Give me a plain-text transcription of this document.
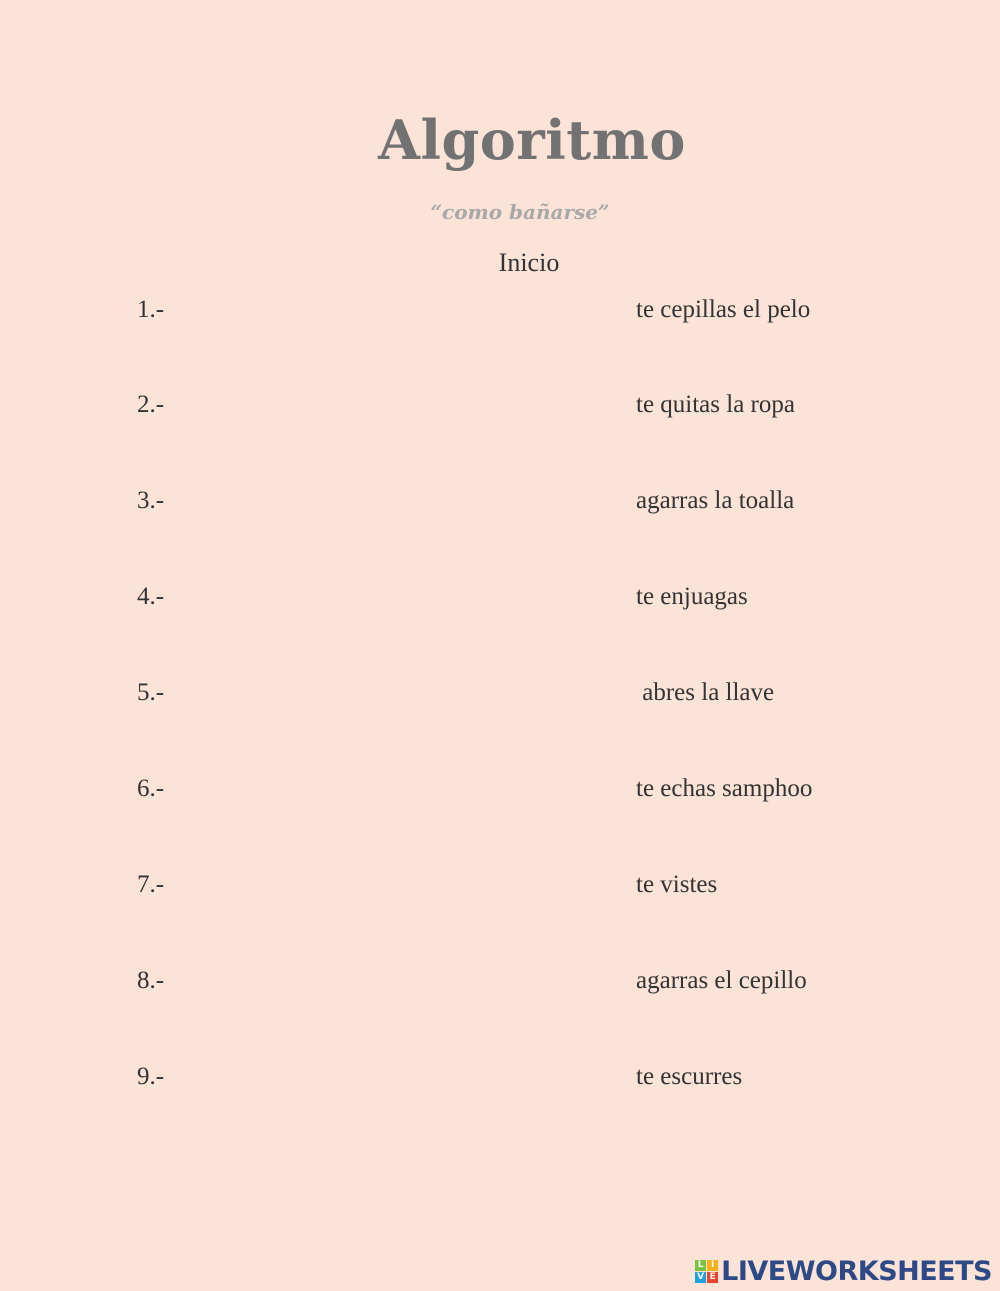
Algoritmo
“como bañarse”
Inicio
1.-	te cepillas el pelo
2.-	te quitas la ropa
3.-	agarras la toalla
4.-	te enjuagas
5.-	abres la llave
6.-	te echas samphoo
7.-	te vistes
8.-	agarras el cepillo
9.-	te escurres
L I
V E LIVEWORKSHEETS
